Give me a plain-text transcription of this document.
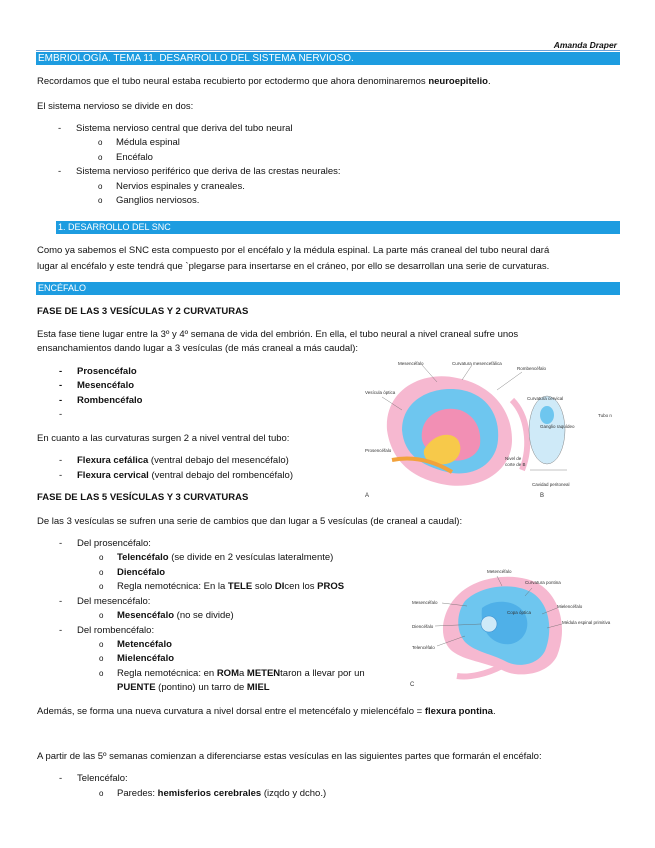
Amanda Draper
EMBRIOLOGÍA. TEMA 11. DESARROLLO DEL SISTEMA NERVIOSO.
Recordamos que el tubo neural estaba recubierto por ectodermo que ahora denominaremos neuroepitelio.
El sistema nervioso se divide en dos:
- Sistema nervioso central que deriva del tubo neural
o Médula espinal
o Encéfalo
- Sistema nervioso periférico que deriva de las crestas neurales:
o Nervios espinales y craneales.
o Ganglios nerviosos.
1. DESARROLLO DEL SNC
Como ya sabemos el SNC esta compuesto por el encéfalo y la médula espinal. La parte más craneal del tubo neural dará
lugar al encéfalo y este tendrá que `plegarse para insertarse en el cráneo, por ello se desarrollan una serie de curvaturas.
ENCÉFALO
FASE DE LAS 3 VESÍCULAS Y 2 CURVATURAS
Esta fase tiene lugar entre la 3º y 4º semana de vida del embrión. En ella, el tubo neural a nivel craneal sufre unos
ensanchamientos dando lugar a 3 vesículas (de más craneal a más caudal):
- Prosencéfalo
- Mesencéfalo
- Rombencéfalo
-
En cuanto a las curvaturas surgen 2 a nivel ventral del tubo:
- Flexura cefálica (ventral debajo del mesencéfalo)
- Flexura cervical (ventral debajo del rombencéfalo)
FASE DE LAS 5 VESÍCULAS Y 3 CURVATURAS
De las 3 vesículas se sufren una serie de cambios que dan lugar a 5 vesículas (de craneal a caudal):
- Del prosencéfalo:
o Telencéfalo (se divide en 2 vesículas lateralmente)
o Diencéfalo
o Regla nemotécnica: En la TELE solo DIcen los PROS
- Del mesencéfalo:
o Mesencéfalo (no se divide)
- Del rombencéfalo:
o Metencéfalo
o Mielencéfalo
o Regla nemotécnica: en ROMa METENtaron a llevar por un
PUENTE (pontino) un tarro de MIEL
Además, se forma una nueva curvatura a nivel dorsal entre el metencéfalo y mielencéfalo = flexura pontina.
A partir de las 5º semanas comienzan a diferenciarse estas vesículas en las siguientes partes que formarán el encéfalo:
- Telencéfalo:
o Paredes: hemisferios cerebrales (izqdo y dcho.)
Mesencéfalo	Curvatura mesencefálica
Rombencéfalo
Vesícula óptica
Curvatura cervical
Tubo n
Ganglio raquídeo
Prosencéfalo
Nivel de
corte de B
Cavidad peritoneal
A	B
Metencéfalo
Curvatura pontina
Mesencéfalo
Mielencéfalo
Diencéfalo
Copa óptica
Telencéfalo
Médula espinal primitiva
C
